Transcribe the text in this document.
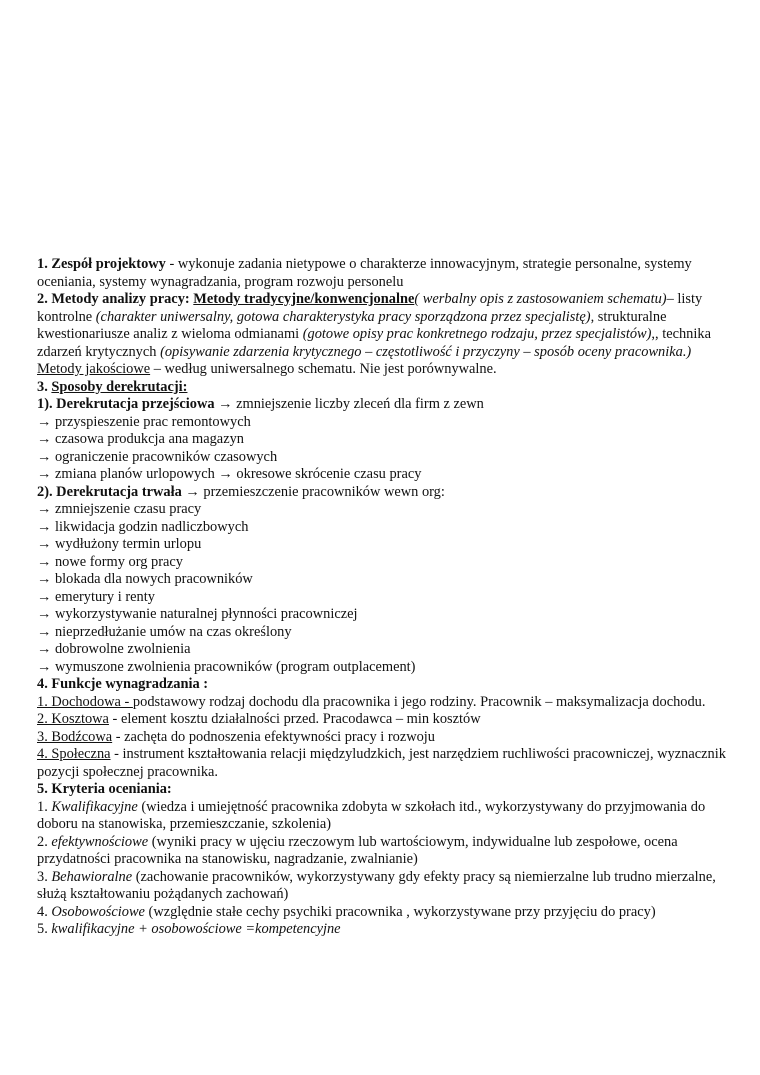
1. Zespół projektowy - wykonuje zadania nietypowe o charakterze innowacyjnym, strategie personalne, systemy oceniania, systemy wynagradzania, program rozwoju personelu
2. Metody analizy pracy: Metody tradycyjne/konwencjonalne( werbalny opis z zastosowaniem schematu)– listy kontrolne (charakter uniwersalny, gotowa charakterystyka pracy sporządzona przez specjalistę), strukturalne kwestionariusze analiz z wieloma odmianami (gotowe opisy prac konkretnego rodzaju, przez specjalistów),, technika zdarzeń krytycznych (opisywanie zdarzenia krytycznego – częstotliwość i przyczyny – sposób oceny pracownika.)
Metody jakościowe – według uniwersalnego schematu. Nie jest porównywalne.
3. Sposoby derekrutacji:
1). Derekrutacja przejściowa → zmniejszenie liczby zleceń dla firm z zewn
→ przyspieszenie prac remontowych
→ czasowa produkcja ana magazyn
→ ograniczenie pracowników czasowych
→ zmiana planów urlopowych → okresowe skrócenie czasu pracy
2). Derekrutacja trwała → przemieszczenie pracowników wewn org:
→ zmniejszenie czasu pracy
→ likwidacja godzin nadliczbowych
→ wydłużony termin urlopu
→ nowe formy org pracy
→ blokada dla nowych pracowników
→ emerytury i renty
→ wykorzystywanie naturalnej płynności pracowniczej
→ nieprzedłużanie umów na czas określony
→ dobrowolne zwolnienia
→ wymuszone zwolnienia pracowników (program outplacement)
4. Funkcje wynagradzania :
1. Dochodowa - podstawowy rodzaj dochodu dla pracownika i jego rodziny. Pracownik – maksymalizacja dochodu.
2. Kosztowa - element kosztu działalności przed. Pracodawca – min kosztów
3. Bodźcowa - zachęta do podnoszenia efektywności pracy i rozwoju
4. Społeczna - instrument kształtowania relacji międzyludzkich, jest narzędziem ruchliwości pracowniczej, wyznacznik pozycji społecznej pracownika.
5. Kryteria oceniania:
1. Kwalifikacyjne (wiedza i umiejętność pracownika zdobyta w szkołach itd., wykorzystywany do przyjmowania do doboru na stanowiska, przemieszczanie, szkolenia)
2. efektywnościowe (wyniki pracy w ujęciu rzeczowym lub wartościowym, indywidualne lub zespołowe, ocena przydatności pracownika na stanowisku, nagradzanie, zwalnianie)
3. Behawioralne (zachowanie pracowników, wykorzystywany gdy efekty pracy są niemierzalne lub trudno mierzalne, służą kształtowaniu pożądanych zachowań)
4. Osobowościowe (względnie stałe cechy psychiki pracownika , wykorzystywane przy przyjęciu do pracy)
5. kwalifikacyjne + osobowościowe =kompetencyjne
